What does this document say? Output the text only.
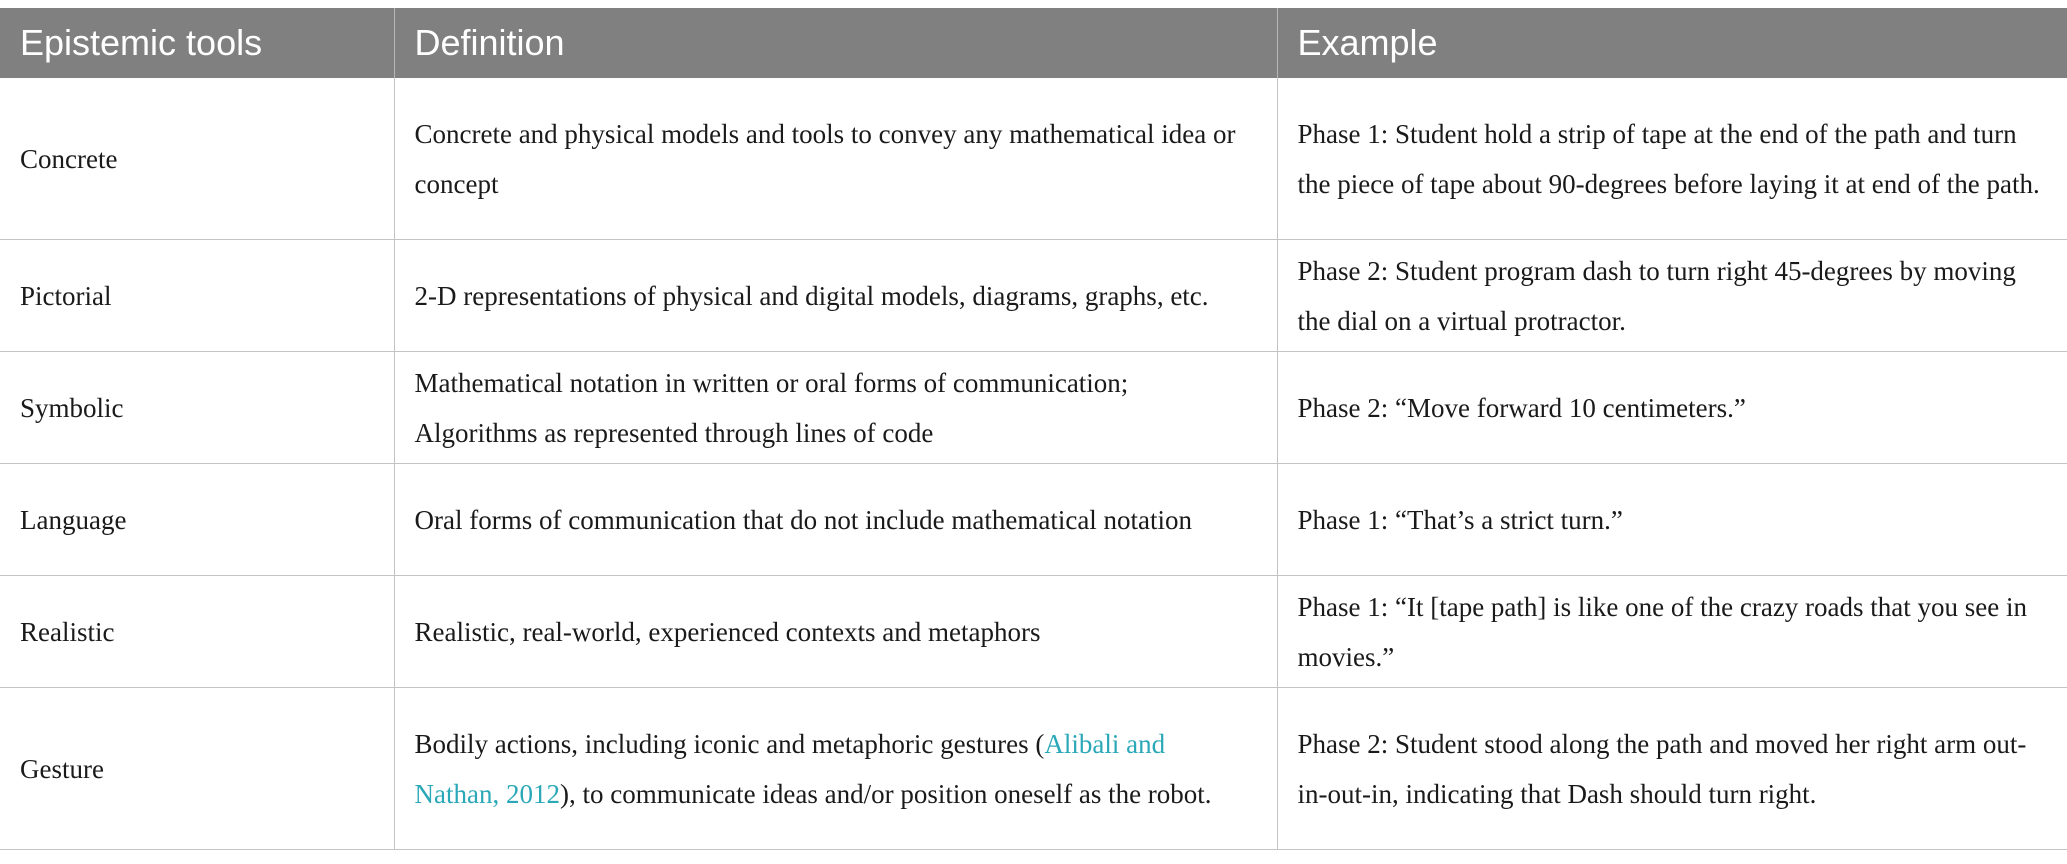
Epistemic tools	Definition	Example
Concrete	Concrete and physical models and tools to convey any mathematical idea or concept	Phase 1: Student hold a strip of tape at the end of the path and turn the piece of tape about 90-degrees before laying it at end of the path.
Pictorial	2-D representations of physical and digital models, diagrams, graphs, etc.	Phase 2: Student program dash to turn right 45-degrees by moving the dial on a virtual protractor.
Symbolic	Mathematical notation in written or oral forms of communication; Algorithms as represented through lines of code	Phase 2: “Move forward 10 centimeters.”
Language	Oral forms of communication that do not include mathematical notation	Phase 1: “That’s a strict turn.”
Realistic	Realistic, real-world, experienced contexts and metaphors	Phase 1: “It [tape path] is like one of the crazy roads that you see in movies.”
Gesture	Bodily actions, including iconic and metaphoric gestures (Alibali and Nathan, 2012), to communicate ideas and/or position oneself as the robot.	Phase 2: Student stood along the path and moved her right arm out-in-out-in, indicating that Dash should turn right.
